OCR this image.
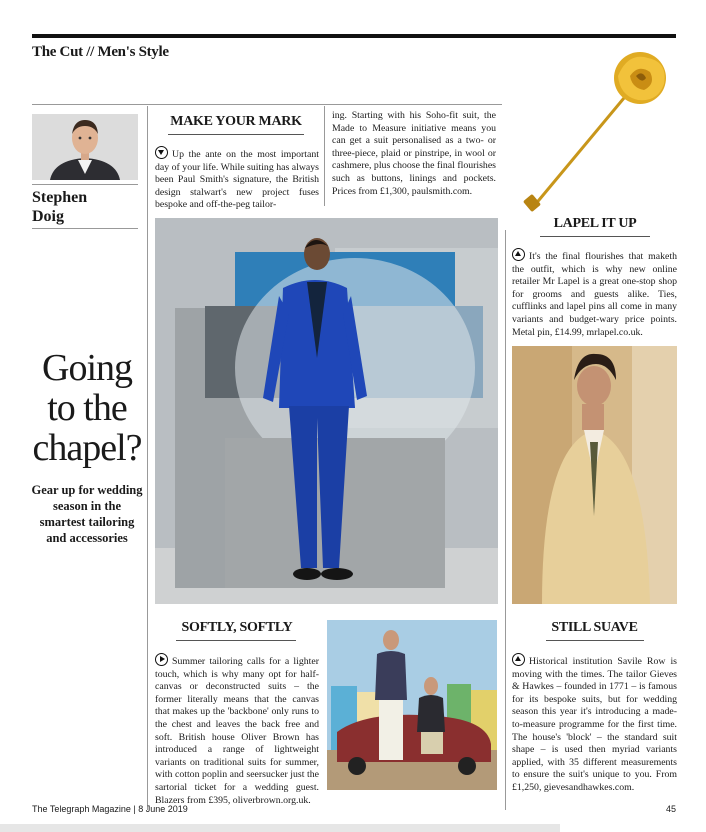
The Cut // Men's Style
Stephen
Doig
Going
to the
chapel?
Gear up for wedding season in the smartest tailoring and accessories
MAKE YOUR MARK
Up the ante on the most important day of your life. While suiting has always been Paul Smith's signature, the British design stalwart's new project fuses bespoke and off-the-peg tailor-
ing. Starting with his Soho-fit suit, the Made to Measure initiative means you can get a suit personalised as a two- or three-piece, plaid or pinstripe, in wool or cashmere, plus choose the final flourishes such as buttons, linings and pockets. Prices from £1,300, paulsmith.com.
LAPEL IT UP
It's the final flourishes that maketh the outfit, which is why new online retailer Mr Lapel is a great one-stop shop for grooms and guests alike. Ties, cufflinks and lapel pins all come in many variants and budget-wary price points. Metal pin, £14.99, mrlapel.co.uk.
SOFTLY, SOFTLY
Summer tailoring calls for a lighter touch, which is why many opt for half-canvas or deconstructed suits – the former literally means that the canvas that makes up the 'backbone' only runs to the chest and leaves the back free and soft. British house Oliver Brown has introduced a range of lightweight variants on traditional suits for summer, with cotton poplin and seersucker just the sartorial ticket for a wedding guest. Blazers from £395, oliverbrown.org.uk.
STILL SUAVE
Historical institution Savile Row is moving with the times. The tailor Gieves & Hawkes – founded in 1771 – is famous for its bespoke suits, but for wedding season this year it's introducing a made-to-measure programme for the first time. The house's 'block' – the standard suit shape – is used then myriad variants applied, with 35 different measurements to ensure the suit's unique to you. From £1,250, gievesandhawkes.com.
The Telegraph Magazine | 8 June 2019	45
